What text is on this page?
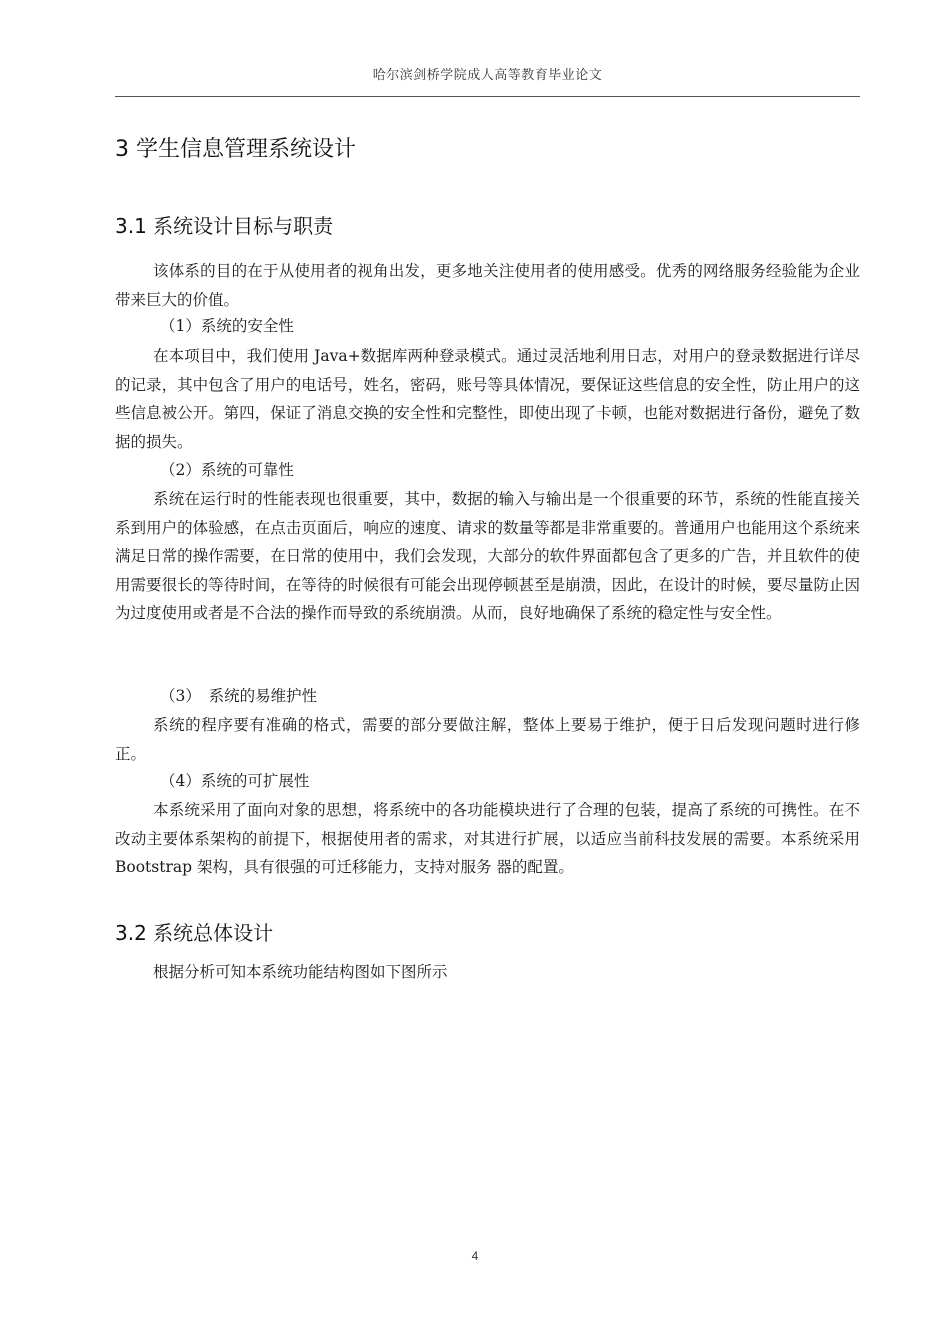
哈尔滨剑桥学院成人高等教育毕业论文
3 学生信息管理系统设计
3.1 系统设计目标与职责

该体系的目的在于从使用者的视角出发，更多地关注使用者的使用感受。优秀的网络服务经验能为企业带来巨大的价值。

（1）系统的安全性

在本项目中，我们使用 Java+数据库两种登录模式。通过灵活地利用日志，对用户的登录数据进行详尽的记录，其中包含了用户的电话号，姓名，密码，账号等具体情况，要保证这些信息的安全性，防止用户的这些信息被公开。第四，保证了消息交换的安全性和完整性，即使出现了卡顿，也能对数据进行备份，避免了数据的损失。

（2）系统的可靠性

系统在运行时的性能表现也很重要，其中，数据的输入与输出是一个很重要的环节，系统的性能直接关系到用户的体验感，在点击页面后，响应的速度、请求的数量等都是非常重要的。普通用户也能用这个系统来满足日常的操作需要，在日常的使用中，我们会发现，大部分的软件界面都包含了更多的广告，并且软件的使用需要很长的等待时间，在等待的时候很有可能会出现停顿甚至是崩溃，因此，在设计的时候，要尽量防止因为过度使用或者是不合法的操作而导致的系统崩溃。从而，良好地确保了系统的稳定性与安全性。

（3）　系统的易维护性

系统的程序要有准确的格式，需要的部分要做注解，整体上要易于维护，便于日后发现问题时进行修正。

（4）系统的可扩展性

本系统采用了面向对象的思想，将系统中的各功能模块进行了合理的包装，提高了系统的可携性。在不改动主要体系架构的前提下，根据使用者的需求，对其进行扩展，以适应当前科技发展的需要。本系统采用 Bootstrap 架构，具有很强的可迁移能力，支持对服务 器的配置。

3.2 系统总体设计

根据分析可知本系统功能结构图如下图所示

4
